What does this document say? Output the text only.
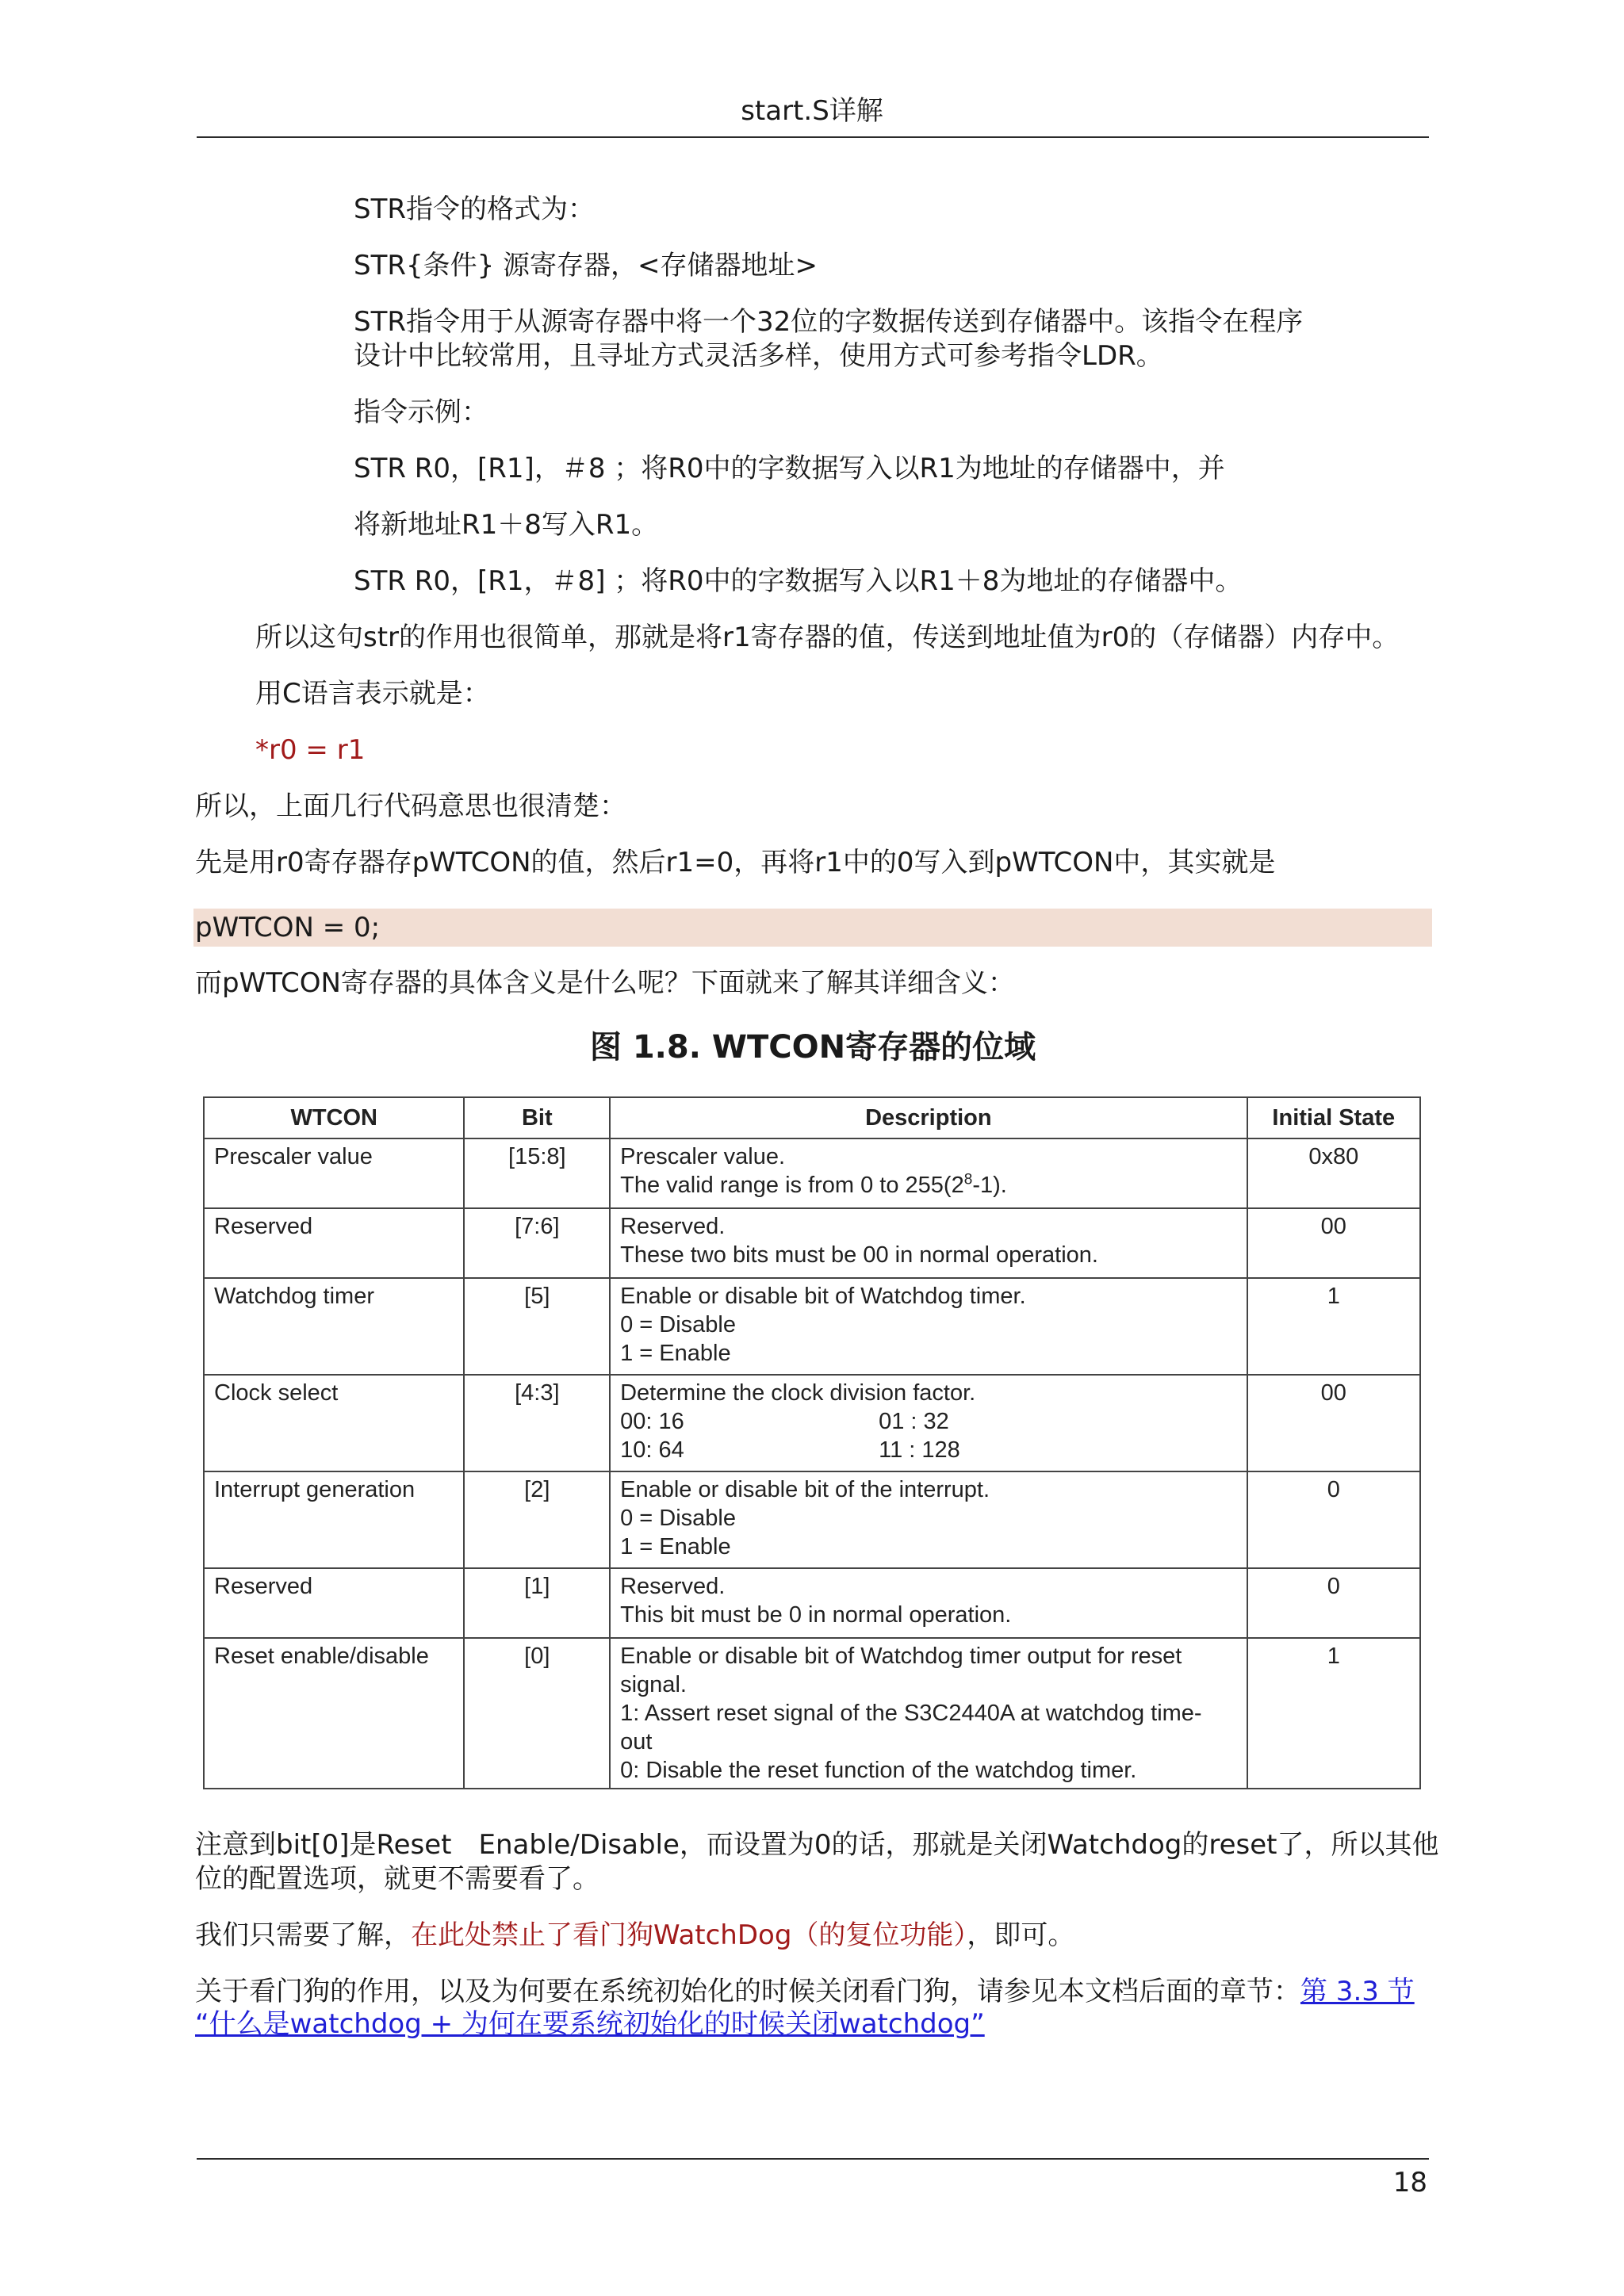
start.S详解
STR指令的格式为：
STR{条件} 源寄存器，<存储器地址>
STR指令用于从源寄存器中将一个32位的字数据传送到存储器中。该指令在程序
设计中比较常用，且寻址方式灵活多样，使用方式可参考指令LDR。
指令示例：
STR R0，[R1]，＃8 ；将R0中的字数据写入以R1为地址的存储器中，并
将新地址R1＋8写入R1。
STR R0，[R1，＃8] ；将R0中的字数据写入以R1＋8为地址的存储器中。
所以这句str的作用也很简单，那就是将r1寄存器的值，传送到地址值为r0的（存储器）内存中。
用C语言表示就是：
*r0 = r1
所以，上面几行代码意思也很清楚：
先是用r0寄存器存pWTCON的值，然后r1=0，再将r1中的0写入到pWTCON中，其实就是
pWTCON = 0;
而pWTCON寄存器的具体含义是什么呢？下面就来了解其详细含义：
图 1.8. WTCON寄存器的位域
WTCON	Bit	Description	Initial State
Prescaler value	[15:8]	Prescaler value.
The valid range is from 0 to $255(2^8-1)$.	0x80
Reserved	[7:6]	Reserved.
These two bits must be 00 in normal operation.	00
Watchdog timer	[5]	Enable or disable bit of Watchdog timer.
0 = Disable
1 = Enable	1
Clock select	[4:3]	Determine the clock division factor.
00: 16 01 : 32
10: 64 11 : 128	00
Interrupt generation	[2]	Enable or disable bit of the interrupt.
0 = Disable
1 = Enable	0
Reserved	[1]	Reserved.
This bit must be 0 in normal operation.	0
Reset enable/disable	[0]	Enable or disable bit of Watchdog timer output for reset
signal.
1: Assert reset signal of the S3C2440A at watchdog time-
out
0: Disable the reset function of the watchdog timer.	1
注意到bit[0]是Reset　Enable/Disable，而设置为0的话，那就是关闭Watchdog的reset了，所以其他
位的配置选项，就更不需要看了。
我们只需要了解，在此处禁止了看门狗WatchDog（的复位功能），即可。
关于看门狗的作用，以及为何要在系统初始化的时候关闭看门狗，请参见本文档后面的章节：第 3.3 节
“什么是watchdog + 为何在要系统初始化的时候关闭watchdog”
18
